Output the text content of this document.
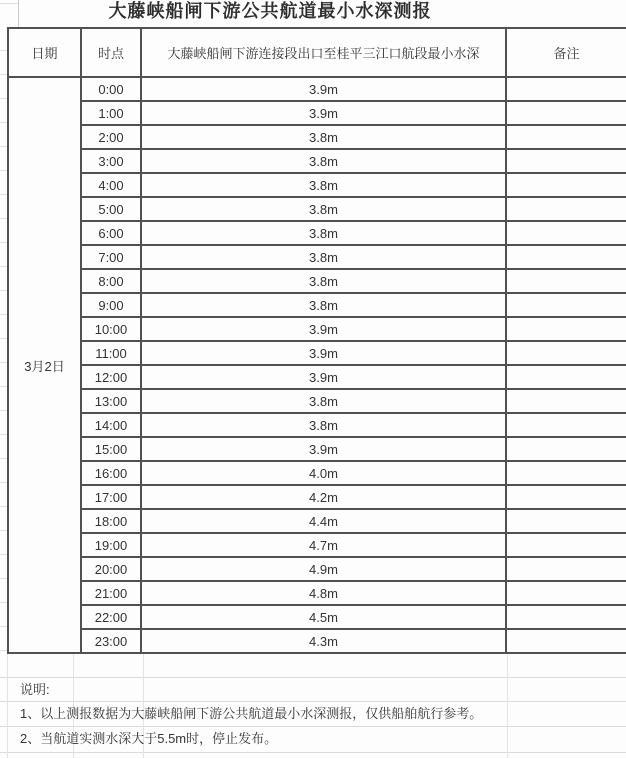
大藤峡船闸下游公共航道最小水深测报
日期	时点	大藤峡船闸下游连接段出口至桂平三江口航段最小水深	备注
3月2日
0:00	3.9m
1:00	3.9m
2:00	3.8m
3:00	3.8m
4:00	3.8m
5:00	3.8m
6:00	3.8m
7:00	3.8m
8:00	3.8m
9:00	3.8m
10:00	3.9m
11:00	3.9m
12:00	3.9m
13:00	3.8m
14:00	3.8m
15:00	3.9m
16:00	4.0m
17:00	4.2m
18:00	4.4m
19:00	4.7m
20:00	4.9m
21:00	4.8m
22:00	4.5m
23:00	4.3m
说明:
1、以上测报数据为大藤峡船闸下游公共航道最小水深测报，仅供船舶航行参考。
2、当航道实测水深大于5.5m时，停止发布。
